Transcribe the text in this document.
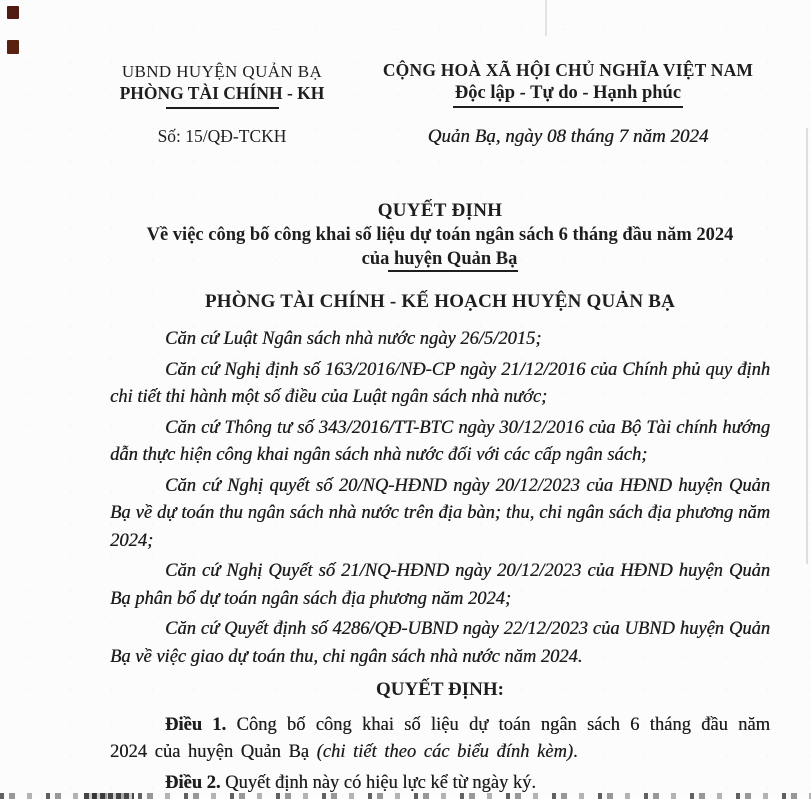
UBND HUYỆN QUẢN BẠ
PHÒNG TÀI CHÍNH - KH
Số: 15/QĐ-TCKH
CỘNG HOÀ XÃ HỘI CHỦ NGHĨA VIỆT NAM
Độc lập - Tự do - Hạnh phúc
Quản Bạ, ngày 08 tháng 7 năm 2024
QUYẾT ĐỊNH
Về việc công bố công khai số liệu dự toán ngân sách 6 tháng đầu năm 2024
của huyện Quản Bạ
PHÒNG TÀI CHÍNH - KẾ HOẠCH HUYỆN QUẢN BẠ

Căn cứ Luật Ngân sách nhà nước ngày 26/5/2015;

Căn cứ Nghị định số 163/2016/NĐ-CP ngày 21/12/2016 của Chính phủ quy định chi tiết thi hành một số điều của Luật ngân sách nhà nước;

Căn cứ Thông tư số 343/2016/TT-BTC ngày 30/12/2016 của Bộ Tài chính hướng dẫn thực hiện công khai ngân sách nhà nước đối với các cấp ngân sách;

Căn cứ Nghị quyết số 20/NQ-HĐND ngày 20/12/2023 của HĐND huyện Quản Bạ về dự toán thu ngân sách nhà nước trên địa bàn; thu, chi ngân sách địa phương năm 2024;

Căn cứ Nghị Quyết số 21/NQ-HĐND ngày 20/12/2023 của HĐND huyện Quản Bạ phân bổ dự toán ngân sách địa phương năm 2024;

Căn cứ Quyết định số 4286/QĐ-UBND ngày 22/12/2023 của UBND huyện Quản Bạ về việc giao dự toán thu, chi ngân sách nhà nước năm 2024.

QUYẾT ĐỊNH:

Điều 1. Công bố công khai số liệu dự toán ngân sách 6 tháng đầu năm 2024 của huyện Quản Bạ (chi tiết theo các biểu đính kèm).

Điều 2. Quyết định này có hiệu lực kể từ ngày ký.
